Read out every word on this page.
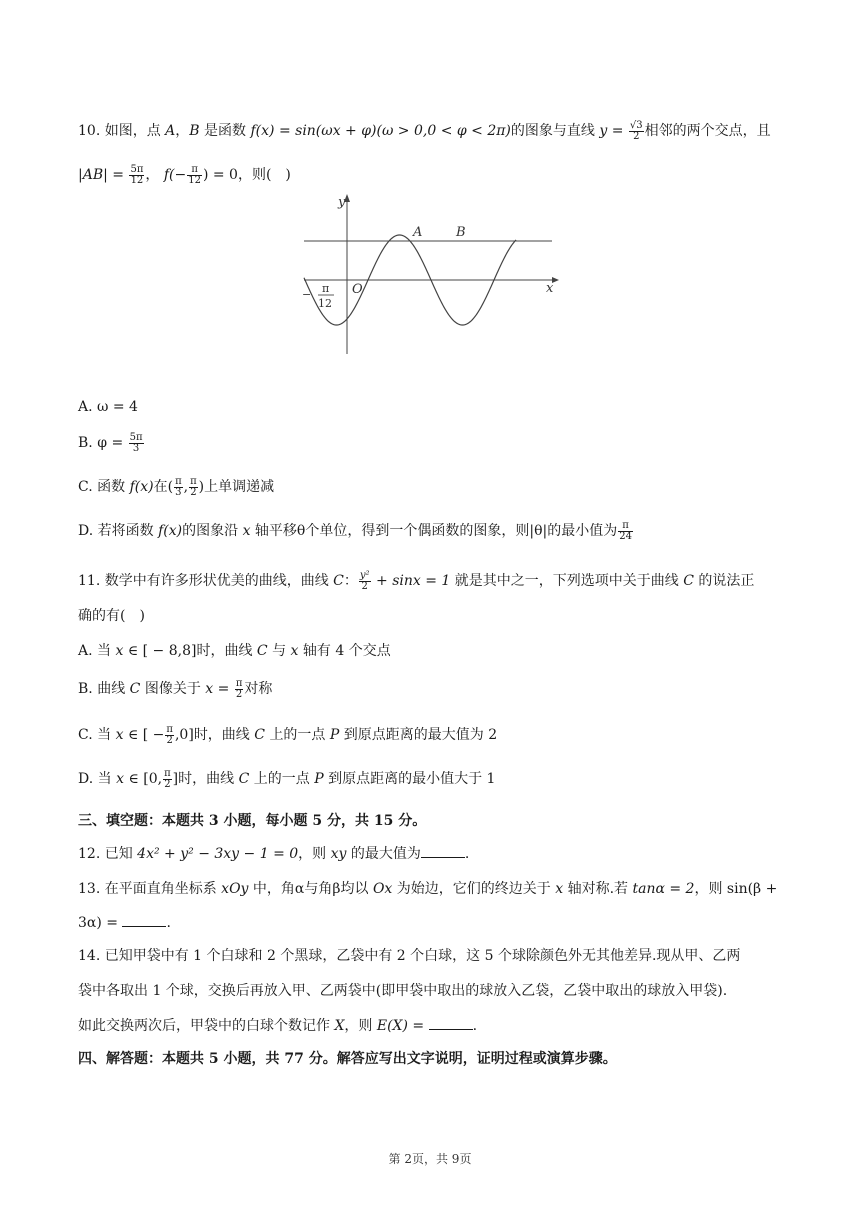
10. 如图，点 A，B 是函数 f(x) = sin(ωx + φ)(ω > 0,0 < φ < 2π)的图象与直线 $y = \frac{√3}{2}$ 相邻的两个交点，且
$|AB| = \frac{5\pi}{12}$ ， $f(- \frac{\pi}{12}$ ) = 0，则(　)
y
x
O
A	B
− π
12
A. ω = 4
B. $\varphi = \frac{5\pi}{3}$
C. 函数 f(x)在( $\frac{\pi}{3}$ , $\frac{\pi}{2}$ )上单调递减
D. 若将函数 f(x)的图象沿 x 轴平移θ个单位，得到一个偶函数的图象，则|θ|的最小值为 $\frac{\pi}{24}$
11. 数学中有许多形状优美的曲线，曲线 C： $\frac{\text{y²}}{2} + \sin x = 1$ 就是其中之一，下列选项中关于曲线 C 的说法正
确的有(　)
A. 当 x ∈ [ − 8,8]时，曲线 C 与 x 轴有 4 个交点
B. 曲线 C 图像关于 $x = \frac{\pi}{2}$ 对称
C. 当 x ∈ [ − $\frac{\pi}{2} ,0$]时，曲线 C 上的一点 P 到原点距离的最大值为 2
D. 当 x ∈ [0, $\frac{\pi}{2}$ ]时，曲线 C 上的一点 P 到原点距离的最小值大于 1
三、填空题：本题共 3 小题，每小题 5 分，共 15 分。
12. 已知 4x² + y² − 3xy − 1 = 0，则 xy 的最大值为	.
13. 在平面直角坐标系 xOy 中，角α与角β均以 Ox 为始边，它们的终边关于 x 轴对称.若 tanα = 2，则 sin(β +
3α) =	.
14. 已知甲袋中有 1 个白球和 2 个黑球，乙袋中有 2 个白球，这 5 个球除颜色外无其他差异.现从甲、乙两
袋中各取出 1 个球，交换后再放入甲、乙两袋中(即甲袋中取出的球放入乙袋，乙袋中取出的球放入甲袋).
如此交换两次后，甲袋中的白球个数记作 X，则 E(X) =	.
四、解答题：本题共 5 小题，共 77 分。解答应写出文字说明，证明过程或演算步骤。
第 2页，共 9页
